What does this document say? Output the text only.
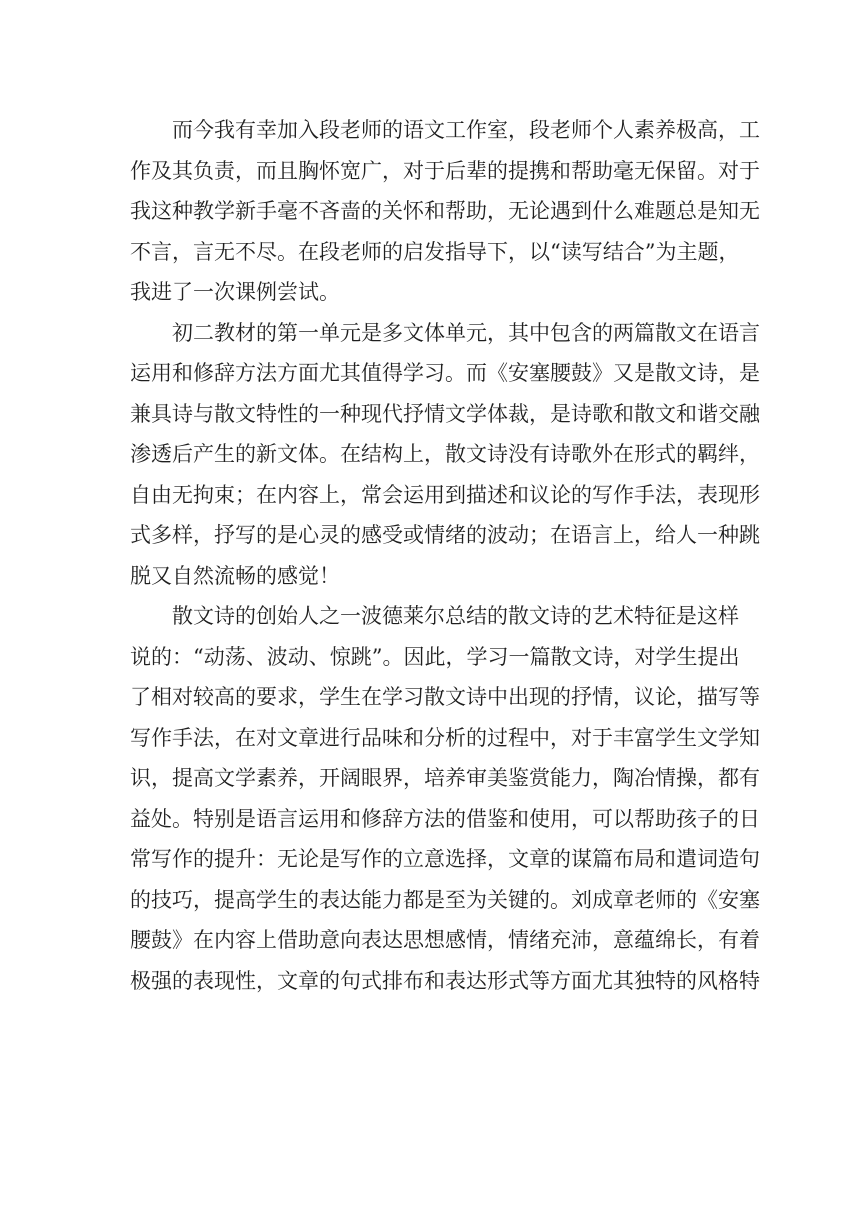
而今我有幸加入段老师的语文工作室，段老师个人素养极高，工
作及其负责，而且胸怀宽广，对于后辈的提携和帮助毫无保留。对于
我这种教学新手毫不吝啬的关怀和帮助，无论遇到什么难题总是知无
不言，言无不尽。在段老师的启发指导下，以“读写结合”为主题，
我进了一次课例尝试。
初二教材的第一单元是多文体单元，其中包含的两篇散文在语言
运用和修辞方法方面尤其值得学习。而《安塞腰鼓》又是散文诗，是
兼具诗与散文特性的一种现代抒情文学体裁，是诗歌和散文和谐交融
渗透后产生的新文体。在结构上，散文诗没有诗歌外在形式的羁绊，
自由无拘束；在内容上，常会运用到描述和议论的写作手法，表现形
式多样，抒写的是心灵的感受或情绪的波动；在语言上，给人一种跳
脱又自然流畅的感觉！
散文诗的创始人之一波德莱尔总结的散文诗的艺术特征是这样
说的：“动荡、波动、惊跳”。因此，学习一篇散文诗，对学生提出
了相对较高的要求，学生在学习散文诗中出现的抒情，议论，描写等
写作手法，在对文章进行品味和分析的过程中，对于丰富学生文学知
识，提高文学素养，开阔眼界，培养审美鉴赏能力，陶冶情操，都有
益处。特别是语言运用和修辞方法的借鉴和使用，可以帮助孩子的日
常写作的提升：无论是写作的立意选择，文章的谋篇布局和遣词造句
的技巧，提高学生的表达能力都是至为关键的。刘成章老师的《安塞
腰鼓》在内容上借助意向表达思想感情，情绪充沛，意蕴绵长，有着
极强的表现性，文章的句式排布和表达形式等方面尤其独特的风格特
